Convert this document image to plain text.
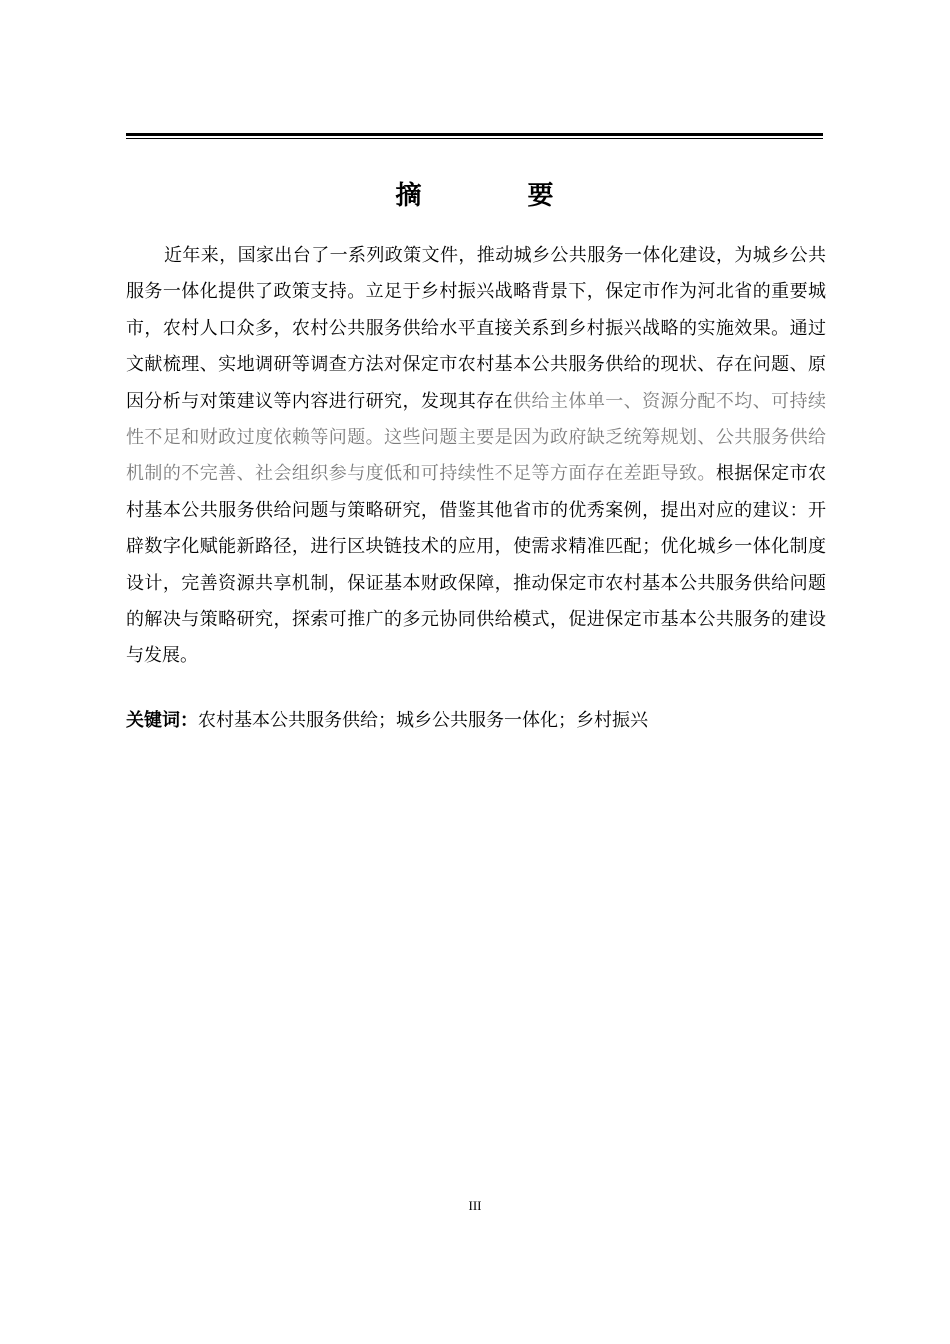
摘　要

近年来，国家出台了一系列政策文件，推动城乡公共服务一体化建设，为城乡公共服务一体化提供了政策支持。立足于乡村振兴战略背景下，保定市作为河北省的重要城市，农村人口众多，农村公共服务供给水平直接关系到乡村振兴战略的实施效果。通过文献梳理、实地调研等调查方法对保定市农村基本公共服务供给的现状、存在问题、原因分析与对策建议等内容进行研究，发现其存在供给主体单一、资源分配不均、可持续性不足和财政过度依赖等问题。这些问题主要是因为政府缺乏统筹规划、公共服务供给机制的不完善、社会组织参与度低和可持续性不足等方面存在差距导致。根据保定市农村基本公共服务供给问题与策略研究，借鉴其他省市的优秀案例，提出对应的建议：开辟数字化赋能新路径，进行区块链技术的应用，使需求精准匹配；优化城乡一体化制度设计，完善资源共享机制，保证基本财政保障，推动保定市农村基本公共服务供给问题的解决与策略研究，探索可推广的多元协同供给模式，促进保定市基本公共服务的建设与发展。

关键词：农村基本公共服务供给；城乡公共服务一体化；乡村振兴

III
